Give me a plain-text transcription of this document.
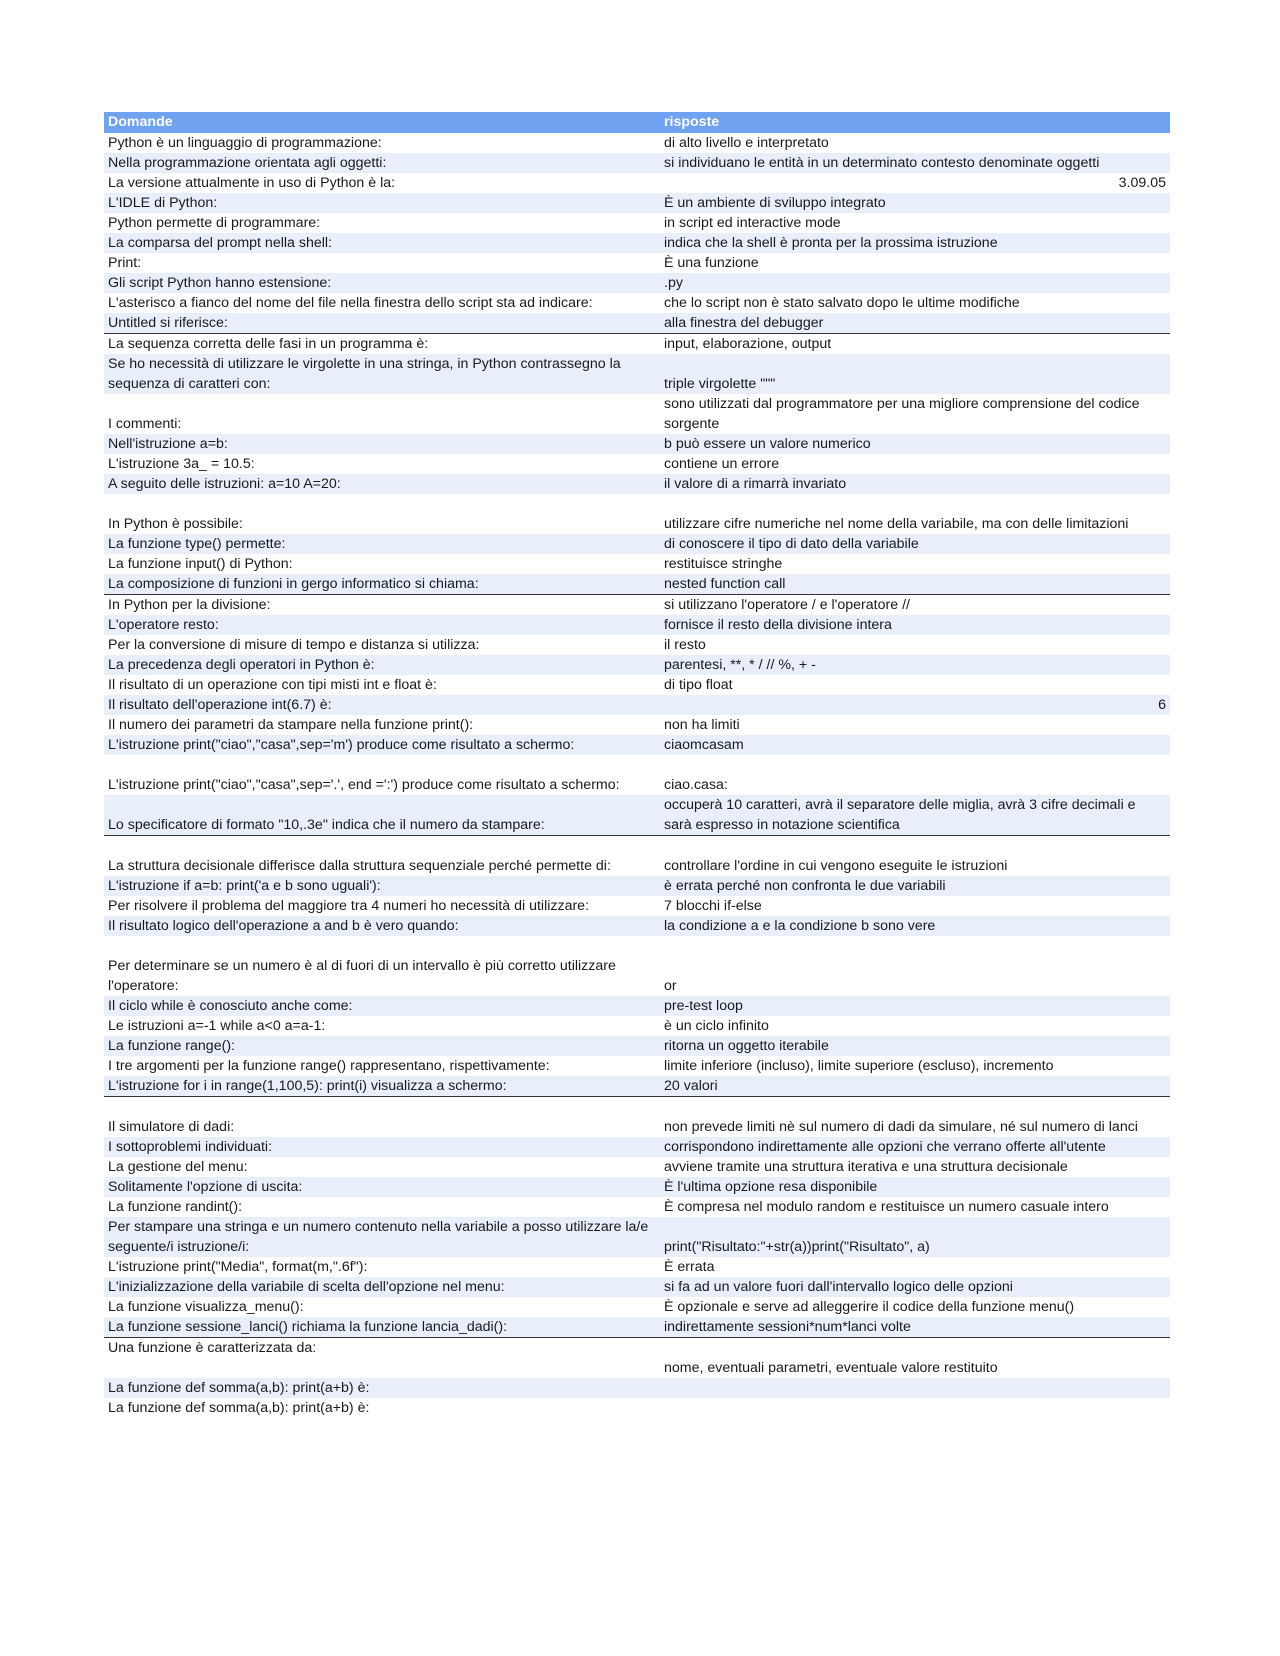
Domande	risposte
Python è un linguaggio di programmazione:	di alto livello e interpretato
Nella programmazione orientata agli oggetti:	si individuano le entità in un determinato contesto denominate oggetti
La versione attualmente in uso di Python è la:	3.09.05
L'IDLE di Python:	È un ambiente di sviluppo integrato
Python permette di programmare:	in script ed interactive mode
La comparsa del prompt nella shell:	indica che la shell è pronta per la prossima istruzione
Print:	È una funzione
Gli script Python hanno estensione:	.py
L'asterisco a fianco del nome del file nella finestra dello script sta ad indicare:	che lo script non è stato salvato dopo le ultime modifiche
Untitled si riferisce:	alla finestra del debugger
La sequenza corretta delle fasi in un programma è:	input, elaborazione, output
Se ho necessità di utilizzare le virgolette in una stringa, in Python contrassegno la sequenza di caratteri con:	triple virgolette """
I commenti:	sono utilizzati dal programmatore per una migliore comprensione del codice sorgente
Nell'istruzione a=b:	b può essere un valore numerico
L'istruzione 3a_ = 10.5:	contiene un errore
A seguito delle istruzioni: a=10 A=20:	il valore di a rimarrà invariato
In Python è possibile:	utilizzare cifre numeriche nel nome della variabile, ma con delle limitazioni
La funzione type() permette:	di conoscere il tipo di dato della variabile
La funzione input() di Python:	restituisce stringhe
La composizione di funzioni in gergo informatico si chiama:	nested function call
In Python per la divisione:	si utilizzano l'operatore / e l'operatore //
L'operatore resto:	fornisce il resto della divisione intera
Per la conversione di misure di tempo e distanza si utilizza:	il resto
La precedenza degli operatori in Python è:	parentesi, **, * / // %, + -
Il risultato di un operazione con tipi misti int e float è:	di tipo float
Il risultato dell'operazione int(6.7) è:	6
Il numero dei parametri da stampare nella funzione print():	non ha limiti
L'istruzione print("ciao","casa",sep='m') produce come risultato a schermo:	ciaomcasam
L'istruzione print("ciao","casa",sep='.', end =':') produce come risultato a schermo:	ciao.casa:
Lo specificatore di formato "10,.3e" indica che il numero da stampare:	occuperà 10 caratteri, avrà il separatore delle miglia, avrà 3 cifre decimali e sarà espresso in notazione scientifica
La struttura decisionale differisce dalla struttura sequenziale perché permette di:	controllare l'ordine in cui vengono eseguite le istruzioni
L'istruzione if a=b: print('a e b sono uguali'):	è errata perché non confronta le due variabili
Per risolvere il problema del maggiore tra 4 numeri ho necessità di utilizzare:	7 blocchi if-else
Il risultato logico dell'operazione a and b è vero quando:	la condizione a e la condizione b sono vere
Per determinare se un numero è al di fuori di un intervallo è più corretto utilizzare l'operatore:	or
Il ciclo while è conosciuto anche come:	pre-test loop
Le istruzioni a=-1 while a<0 a=a-1:	è un ciclo infinito
La funzione range():	ritorna un oggetto iterabile
I tre argomenti per la funzione range() rappresentano, rispettivamente:	limite inferiore (incluso), limite superiore (escluso), incremento
L'istruzione for i in range(1,100,5): print(i) visualizza a schermo:	20 valori
Il simulatore di dadi:	non prevede limiti nè sul numero di dadi da simulare, né sul numero di lanci
I sottoproblemi individuati:	corrispondono indirettamente alle opzioni che verrano offerte all'utente
La gestione del menu:	avviene tramite una struttura iterativa e una struttura decisionale
Solitamente l'opzione di uscita:	È l'ultima opzione resa disponibile
La funzione randint():	È compresa nel modulo random e restituisce un numero casuale intero
Per stampare una stringa e un numero contenuto nella variabile a posso utilizzare la/e seguente/i istruzione/i:	print("Risultato:"+str(a))print("Risultato", a)
L'istruzione print("Media", format(m,".6f"):	È errata
L'inizializzazione della variabile di scelta dell'opzione nel menu:	si fa ad un valore fuori dall'intervallo logico delle opzioni
La funzione visualizza_menu():	È opzionale e serve ad alleggerire il codice della funzione menu()
La funzione sessione_lanci() richiama la funzione lancia_dadi():	indirettamente sessioni*num*lanci volte
Una funzione è caratterizzata da:	nome, eventuali parametri, eventuale valore restituito
La funzione def somma(a,b): print(a+b) è:	
La funzione def somma(a,b): print(a+b) è:	
